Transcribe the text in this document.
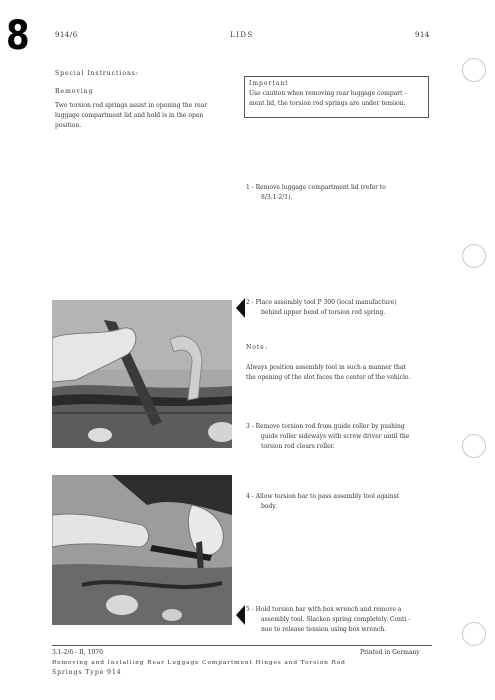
8	914/6	LIDS	914
Special Instructions:
Removing
Two torsion rod springs assist in opening the rear
luggage compartment lid and hold is in the open
position.
Important
Use caution when removing rear luggage compart -
ment lid, the torsion rod springs are under tension.
1 - Remove luggage compartment lid (refer to
8/3.1-2/1).
2 - Place assembly tool P 300 (local manufacture)
behind upper bend of torsion rod spring.
Note:
Always position assembly tool in such a manner that
the opening of the slot faces the center of the vehicle.
3 - Remove torsion rod from guide roller by pushing
guide roller sideways with screw driver until the
torsion rod clears roller.
4 - Allow torsion bar to pass assembly tool against
body.
5 - Hold torsion bar with box wrench and remove a
assembly tool. Slacken spring completely. Conti -
nue to release tension using box wrench.
3.1-2/6 - II, 1970	Printed in Germany
Removing and Installing Rear Luggage Compartment Hinges and Torsion Rod
Springs Type 914
